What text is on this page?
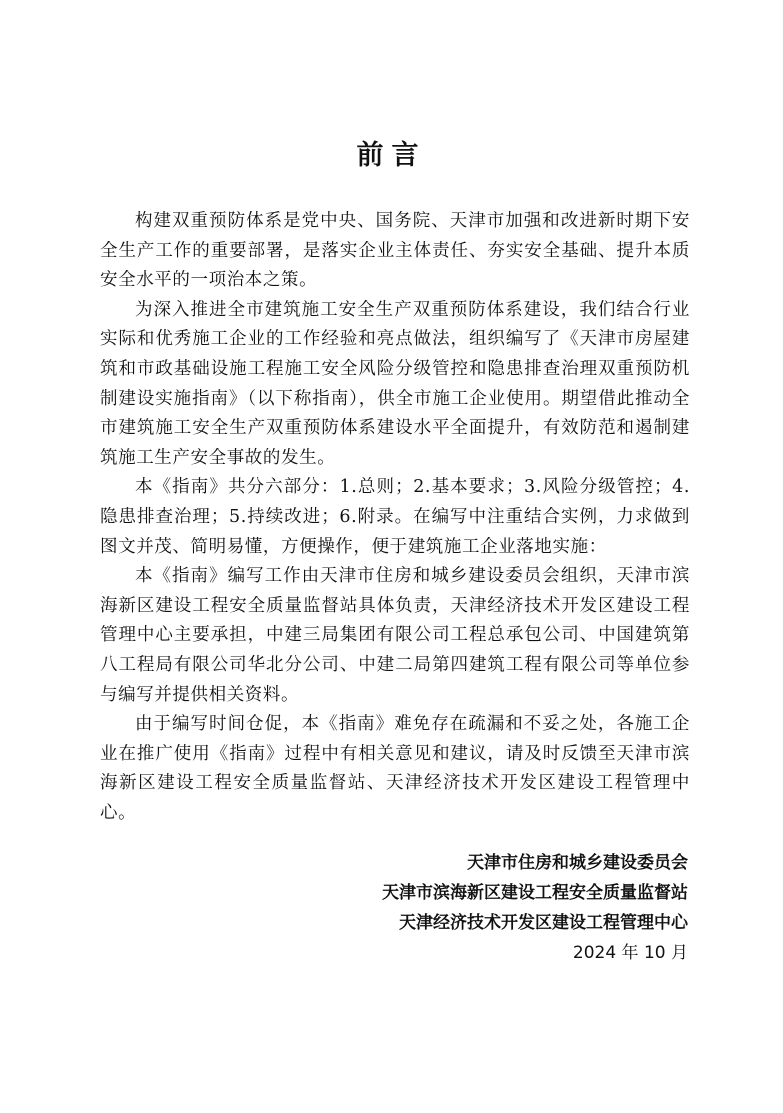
前言

构建双重预防体系是党中央、国务院、天津市加强和改进新时期下安全生产工作的重要部署，是落实企业主体责任、夯实安全基础、提升本质安全水平的一项治本之策。

为深入推进全市建筑施工安全生产双重预防体系建设，我们结合行业实际和优秀施工企业的工作经验和亮点做法，组织编写了《天津市房屋建筑和市政基础设施工程施工安全风险分级管控和隐患排查治理双重预防机制建设实施指南》（以下称指南），供全市施工企业使用。期望借此推动全市建筑施工安全生产双重预防体系建设水平全面提升，有效防范和遏制建筑施工生产安全事故的发生。

本《指南》共分六部分：1.总则；2.基本要求；3.风险分级管控；4.隐患排查治理；5.持续改进；6.附录。在编写中注重结合实例，力求做到图文并茂、简明易懂，方便操作，便于建筑施工企业落地实施：

本《指南》编写工作由天津市住房和城乡建设委员会组织，天津市滨海新区建设工程安全质量监督站具体负责，天津经济技术开发区建设工程管理中心主要承担，中建三局集团有限公司工程总承包公司、中国建筑第八工程局有限公司华北分公司、中建二局第四建筑工程有限公司等单位参与编写并提供相关资料。

由于编写时间仓促，本《指南》难免存在疏漏和不妥之处，各施工企业在推广使用《指南》过程中有相关意见和建议，请及时反馈至天津市滨海新区建设工程安全质量监督站、天津经济技术开发区建设工程管理中心。

天津市住房和城乡建设委员会
天津市滨海新区建设工程安全质量监督站
天津经济技术开发区建设工程管理中心
2024 年 10 月
